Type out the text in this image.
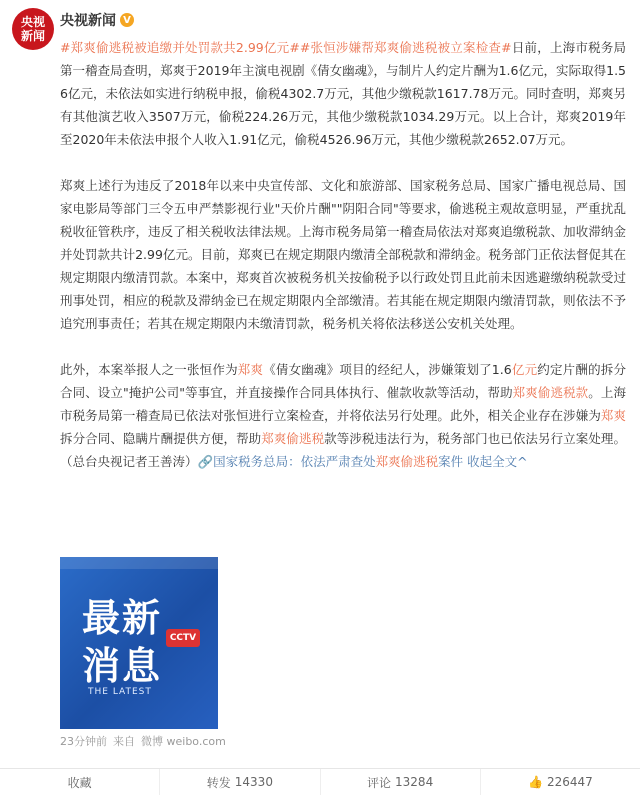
央视
新闻
央视新闻 V

#郑爽偷逃税被追缴并处罚款共2.99亿元##张恒涉嫌帮郑爽偷逃税被立案检查#日前，上海市税务局第一稽查局查明，郑爽于2019年主演电视剧《倩女幽魂》，与制片人约定片酬为1.6亿元，实际取得1.56亿元，未依法如实进行纳税申报，偷税4302.7万元，其他少缴税款1617.78万元。同时查明，郑爽另有其他演艺收入3507万元，偷税224.26万元，其他少缴税款1034.29万元。以上合计，郑爽2019年至2020年未依法申报个人收入1.91亿元，偷税4526.96万元，其他少缴税款2652.07万元。

郑爽上述行为违反了2018年以来中央宣传部、文化和旅游部、国家税务总局、国家广播电视总局、国家电影局等部门三令五申严禁影视行业"天价片酬""阴阳合同"等要求，偷逃税主观故意明显，严重扰乱税收征管秩序，违反了相关税收法律法规。上海市税务局第一稽查局依法对郑爽追缴税款、加收滞纳金并处罚款共计2.99亿元。目前，郑爽已在规定期限内缴清全部税款和滞纳金。税务部门正依法督促其在规定期限内缴清罚款。本案中，郑爽首次被税务机关按偷税予以行政处罚且此前未因逃避缴纳税款受过刑事处罚，相应的税款及滞纳金已在规定期限内全部缴清。若其能在规定期限内缴清罚款，则依法不予追究刑事责任；若其在规定期限内未缴清罚款，税务机关将依法移送公安机关处理。

此外，本案举报人之一张恒作为郑爽《倩女幽魂》项目的经纪人，涉嫌策划了1.6亿元约定片酬的拆分合同、设立"掩护公司"等事宜，并直接操作合同具体执行、催款收款等活动，帮助郑爽偷逃税款。上海市税务局第一稽查局已依法对张恒进行立案检查，并将依法另行处理。此外，相关企业存在涉嫌为郑爽拆分合同、隐瞒片酬提供方便，帮助郑爽偷逃税款等涉税违法行为，税务部门也已依法另行立案处理。（总台央视记者王善涛）🔗国家税务总局：依法严肃查处郑爽偷逃税案件 收起全文^

最新
消息
CCTV
THE LATEST
23分钟前 来自 微博 weibo.com
收藏	转发 14330	评论 13284	👍 226447
